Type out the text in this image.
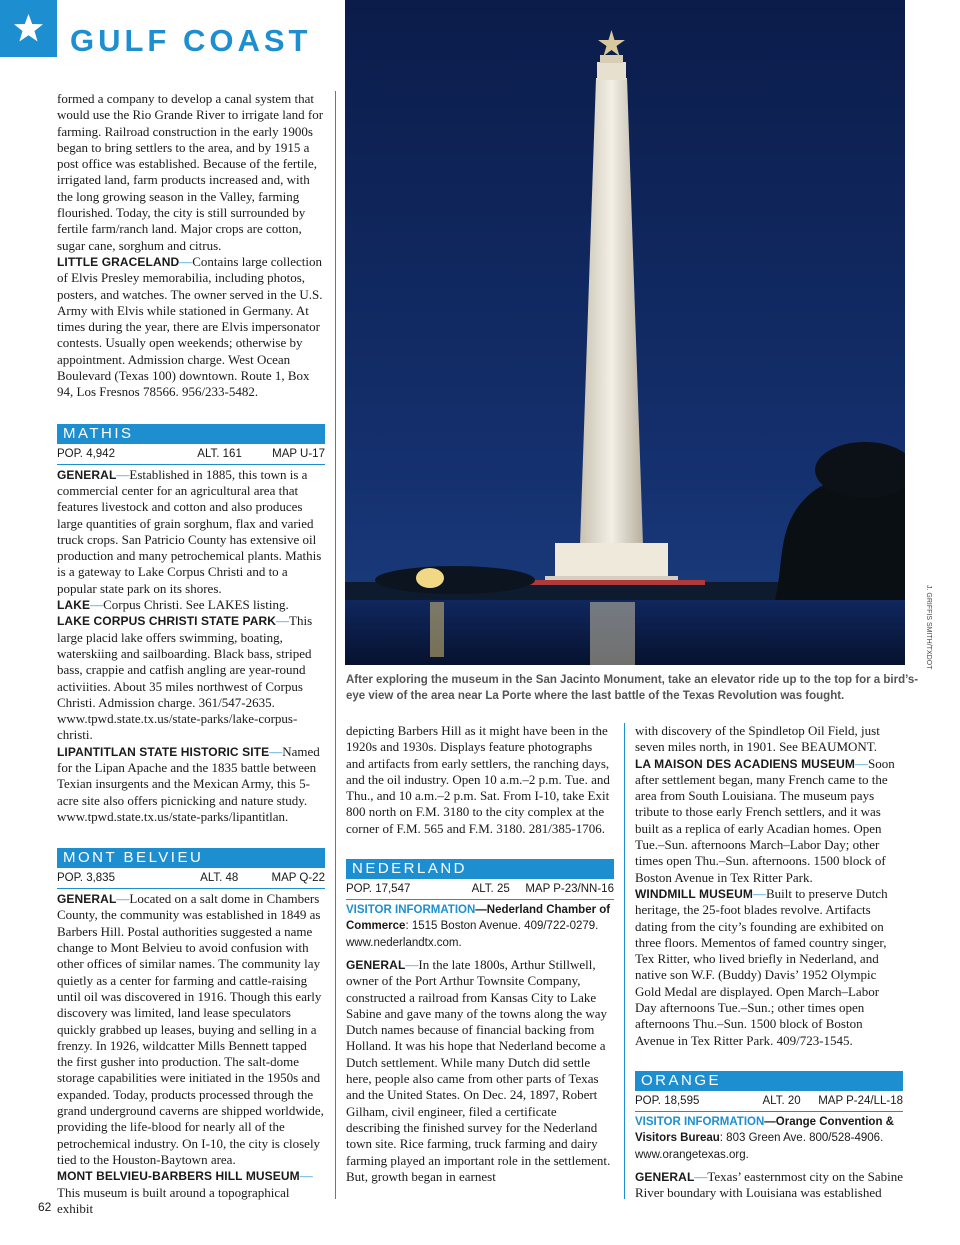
GULF COAST
J. GRIFFIS SMITH/TXDOT
After exploring the museum in the San Jacinto Monument, take an elevator ride up to the top for a bird’s-eye view of the area near La Porte where the last battle of the Texas Revolution was fought.

formed a company to develop a canal system that would use the Rio Grande River to irrigate land for farming. Railroad construction in the early 1900s began to bring settlers to the area, and by 1915 a post office was established. Because of the fertile, irrigated land, farm products increased and, with the long growing season in the Valley, farming flourished. Today, the city is still surrounded by fertile farm/ranch land. Major crops are cotton, sugar cane, sorghum and citrus.

LITTLE GRACELAND—Contains large collection of Elvis Presley memorabilia, including photos, posters, and watches. The owner served in the U.S. Army with Elvis while stationed in Germany. At times during the year, there are Elvis impersonator contests. Usually open weekends; otherwise by appointment. Admission charge. West Ocean Boulevard (Texas 100) downtown. Route 1, Box 94, Los Fresnos 78566. 956/233-5482.

MATHIS
POP. 4,942	ALT. 161	MAP U-17

GENERAL—Established in 1885, this town is a commercial center for an agricultural area that features livestock and cotton and also produces large quantities of grain sorghum, flax and varied truck crops. San Patricio County has extensive oil production and many petrochemical plants. Mathis is a gateway to Lake Corpus Christi and to a popular state park on its shores.

LAKE—Corpus Christi. See LAKES listing.

LAKE CORPUS CHRISTI STATE PARK—This large placid lake offers swimming, boating, waterskiing and sailboarding. Black bass, striped bass, crappie and catfish angling are year-round activiities. About 35 miles northwest of Corpus Christi. Admission charge. 361/547-2635. www.tpwd.state.tx.us/state-parks/lake-corpus-christi.

LIPANTITLAN STATE HISTORIC SITE—Named for the Lipan Apache and the 1835 battle between Texian insurgents and the Mexican Army, this 5-acre site also offers picnicking and nature study. www.tpwd.state.tx.us/state-parks/lipantitlan.

MONT BELVIEU
POP. 3,835	ALT. 48	MAP Q-22

GENERAL—Located on a salt dome in Chambers County, the community was established in 1849 as Barbers Hill. Postal authorities suggested a name change to Mont Belvieu to avoid confusion with other offices of similar names. The community lay quietly as a center for farming and cattle-raising until oil was discovered in 1916. Though this early discovery was limited, land lease speculators quickly grabbed up leases, buying and selling in a frenzy. In 1926, wildcatter Mills Bennett tapped the first gusher into production. The salt-dome storage capabilities were initiated in the 1950s and expanded. Today, products processed through the grand underground caverns are shipped worldwide, providing the life-blood for nearly all of the petrochemical industry. On I-10, the city is closely tied to the Houston-Baytown area.

MONT BELVIEU-BARBERS HILL MUSEUM—This museum is built around a topographical exhibit

depicting Barbers Hill as it might have been in the 1920s and 1930s. Displays feature photographs and artifacts from early settlers, the ranching days, and the oil industry. Open 10 a.m.–2 p.m. Tue. and Thu., and 10 a.m.–2 p.m. Sat. From I-10, take Exit 800 north on F.M. 3180 to the city complex at the corner of F.M. 565 and F.M. 3180. 281/385-1706.

NEDERLAND
POP. 17,547	ALT. 25 MAP P-23/NN-16

VISITOR INFORMATION—Nederland Chamber of Commerce: 1515 Boston Avenue. 409/722-0279. www.nederlandtx.com.

GENERAL—In the late 1800s, Arthur Stillwell, owner of the Port Arthur Townsite Company, constructed a railroad from Kansas City to Lake Sabine and gave many of the towns along the way Dutch names because of financial backing from Holland. It was his hope that Nederland become a Dutch settlement. While many Dutch did settle here, people also came from other parts of Texas and the United States. On Dec. 24, 1897, Robert Gilham, civil engineer, filed a certificate describing the finished survey for the Nederland town site. Rice farming, truck farming and dairy farming played an important role in the settlement. But, growth began in earnest

with discovery of the Spindletop Oil Field, just seven miles north, in 1901. See BEAUMONT.

LA MAISON DES ACADIENS MUSEUM—Soon after settlement began, many French came to the area from South Louisiana. The museum pays tribute to those early French settlers, and it was built as a replica of early Acadian homes. Open Tue.–Sun. afternoons March–Labor Day; other times open Thu.–Sun. afternoons. 1500 block of Boston Avenue in Tex Ritter Park.

WINDMILL MUSEUM—Built to preserve Dutch heritage, the 25-foot blades revolve. Artifacts dating from the city’s founding are exhibited on three floors. Mementos of famed country singer, Tex Ritter, who lived briefly in Nederland, and native son W.F. (Buddy) Davis’ 1952 Olympic Gold Medal are displayed. Open March–Labor Day afternoons Tue.–Sun.; other times open afternoons Thu.–Sun. 1500 block of Boston Avenue in Tex Ritter Park. 409/723-1545.

ORANGE
POP. 18,595	ALT. 20 MAP P-24/LL-18

VISITOR INFORMATION—Orange Convention & Visitors Bureau: 803 Green Ave. 800/528-4906. www.orangetexas.org.

GENERAL—Texas’ easternmost city on the Sabine River boundary with Louisiana was established

62
